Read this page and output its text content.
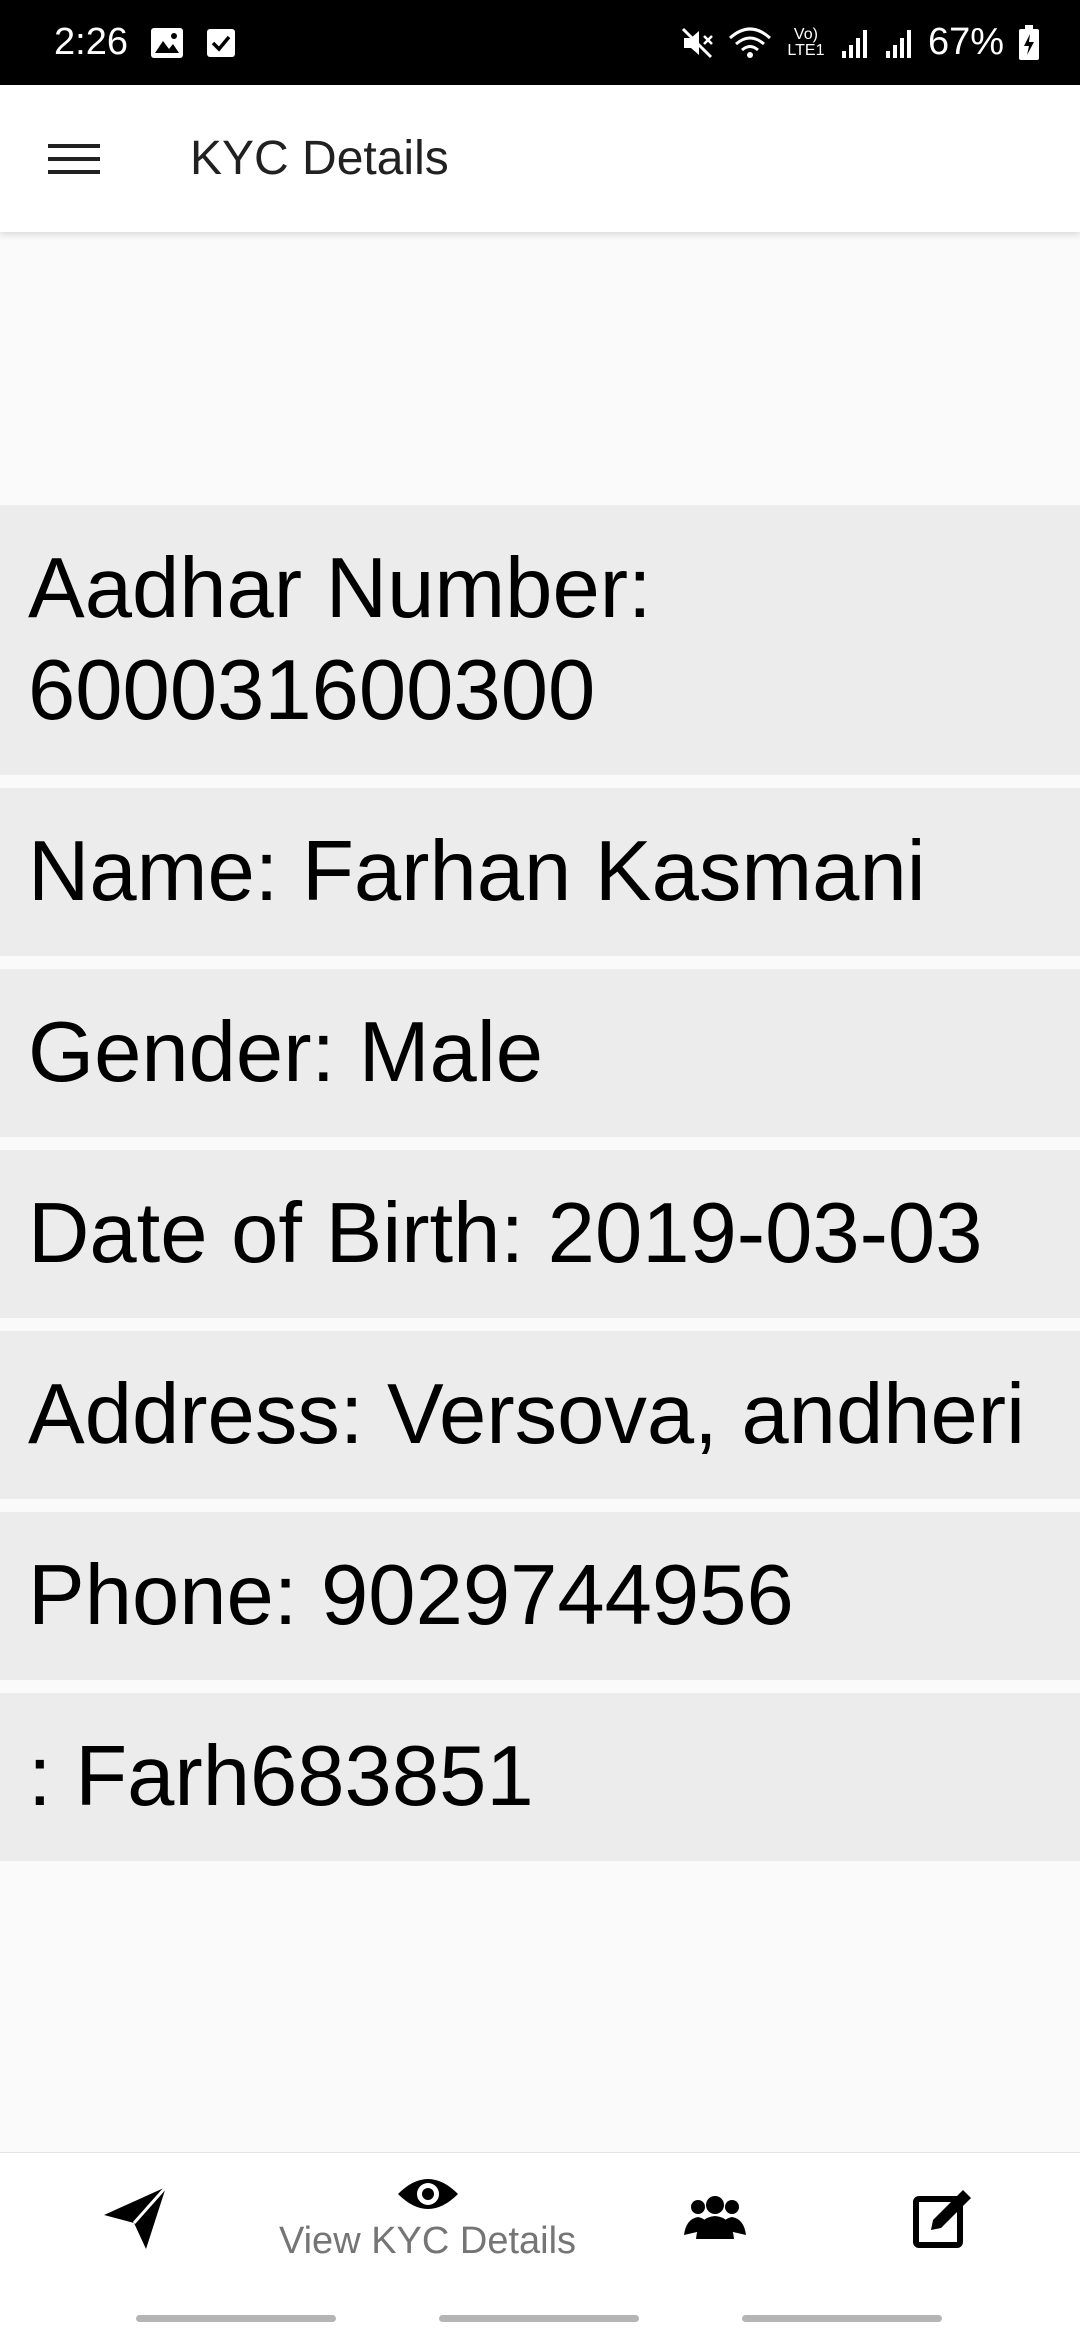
2:26	Vo) LTE1	67%
KYC Details
Aadhar Number:
600031600300
Name: Farhan Kasmani
Gender: Male
Date of Birth: 2019-03-03
Address: Versova, andheri
Phone: 9029744956
: Farh683851
View KYC Details
